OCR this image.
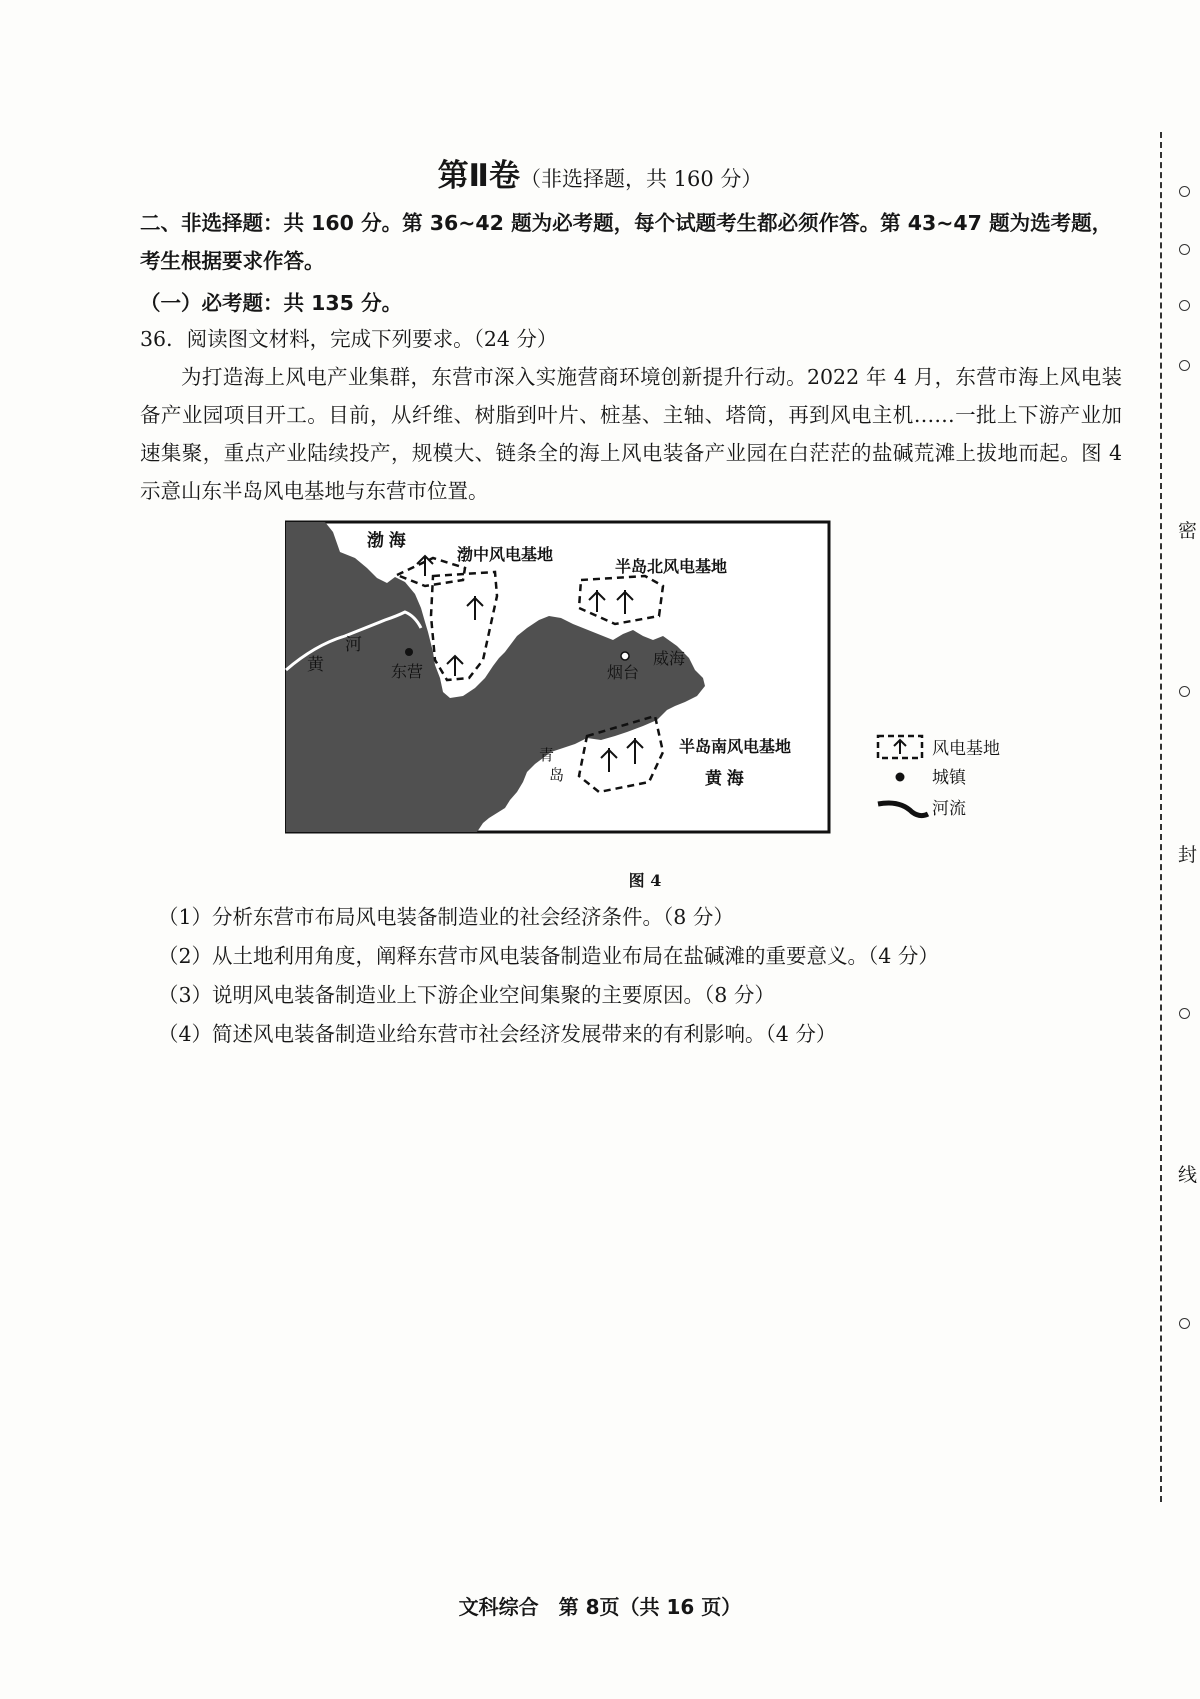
第Ⅱ卷（非选择题，共 160 分）
二、非选择题：共 160 分。第 36~42 题为必考题，每个试题考生都必须作答。第 43~47 题为选考题，考生根据要求作答。
（一）必考题：共 135 分。
36．阅读图文材料，完成下列要求。（24 分）
为打造海上风电产业集群，东营市深入实施营商环境创新提升行动。2022 年 4 月，东营市海上风电装备产业园项目开工。目前，从纤维、树脂到叶片、桩基、主轴、塔筒，再到风电主机……一批上下游产业加速集聚，重点产业陆续投产，规模大、链条全的海上风电装备产业园在白茫茫的盐碱荒滩上拔地而起。图 4 示意山东半岛风电基地与东营市位置。
渤 海
渤中风电基地
半岛北风电基地
半岛南风电基地
黄 海
黄
河
东营	烟台
威海
青
岛
风电基地
城镇
河流
图 4
（1）分析东营市布局风电装备制造业的社会经济条件。（8 分）
（2）从土地利用角度，阐释东营市风电装备制造业布局在盐碱滩的重要意义。（4 分）
（3）说明风电装备制造业上下游企业空间集聚的主要原因。（8 分）
（4）简述风电装备制造业给东营市社会经济发展带来的有利影响。（4 分）
文科综合　第 8页（共 16 页）
密
封
线
